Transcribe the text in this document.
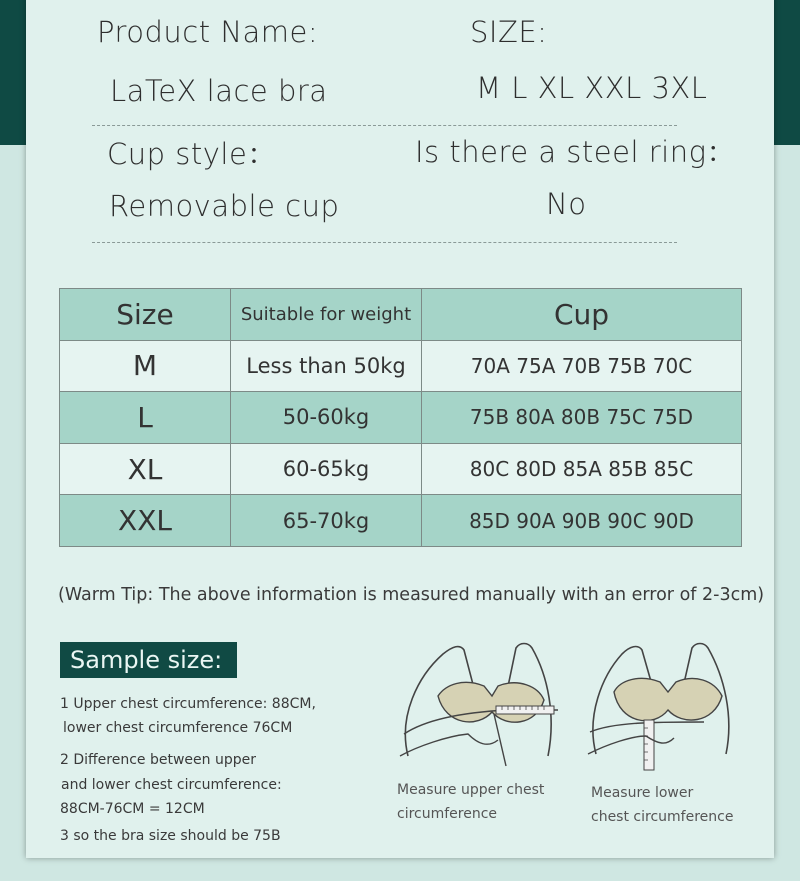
Product Name:	SIZE:
LaTeX lace bra	M L XL XXL 3XL
Cup style：	Is there a steel ring：
Removable cup	No
Size	Suitable for weight	Cup
M	Less than 50kg	70A 75A 70B 75B 70C
L	50-60kg	75B 80A 80B 75C 75D
XL	60-65kg	80C 80D 85A 85B 85C
XXL	65-70kg	85D 90A 90B 90C 90D
(Warm Tip: The above information is measured manually with an error of 2-3cm)
Sample size:
1 Upper chest circumference: 88CM,
lower chest circumference 76CM
2 Difference between upper
and lower chest circumference:
88CM-76CM = 12CM
3 so the bra size should be 75B
Measure upper chest
circumference
Measure lower
chest circumference
